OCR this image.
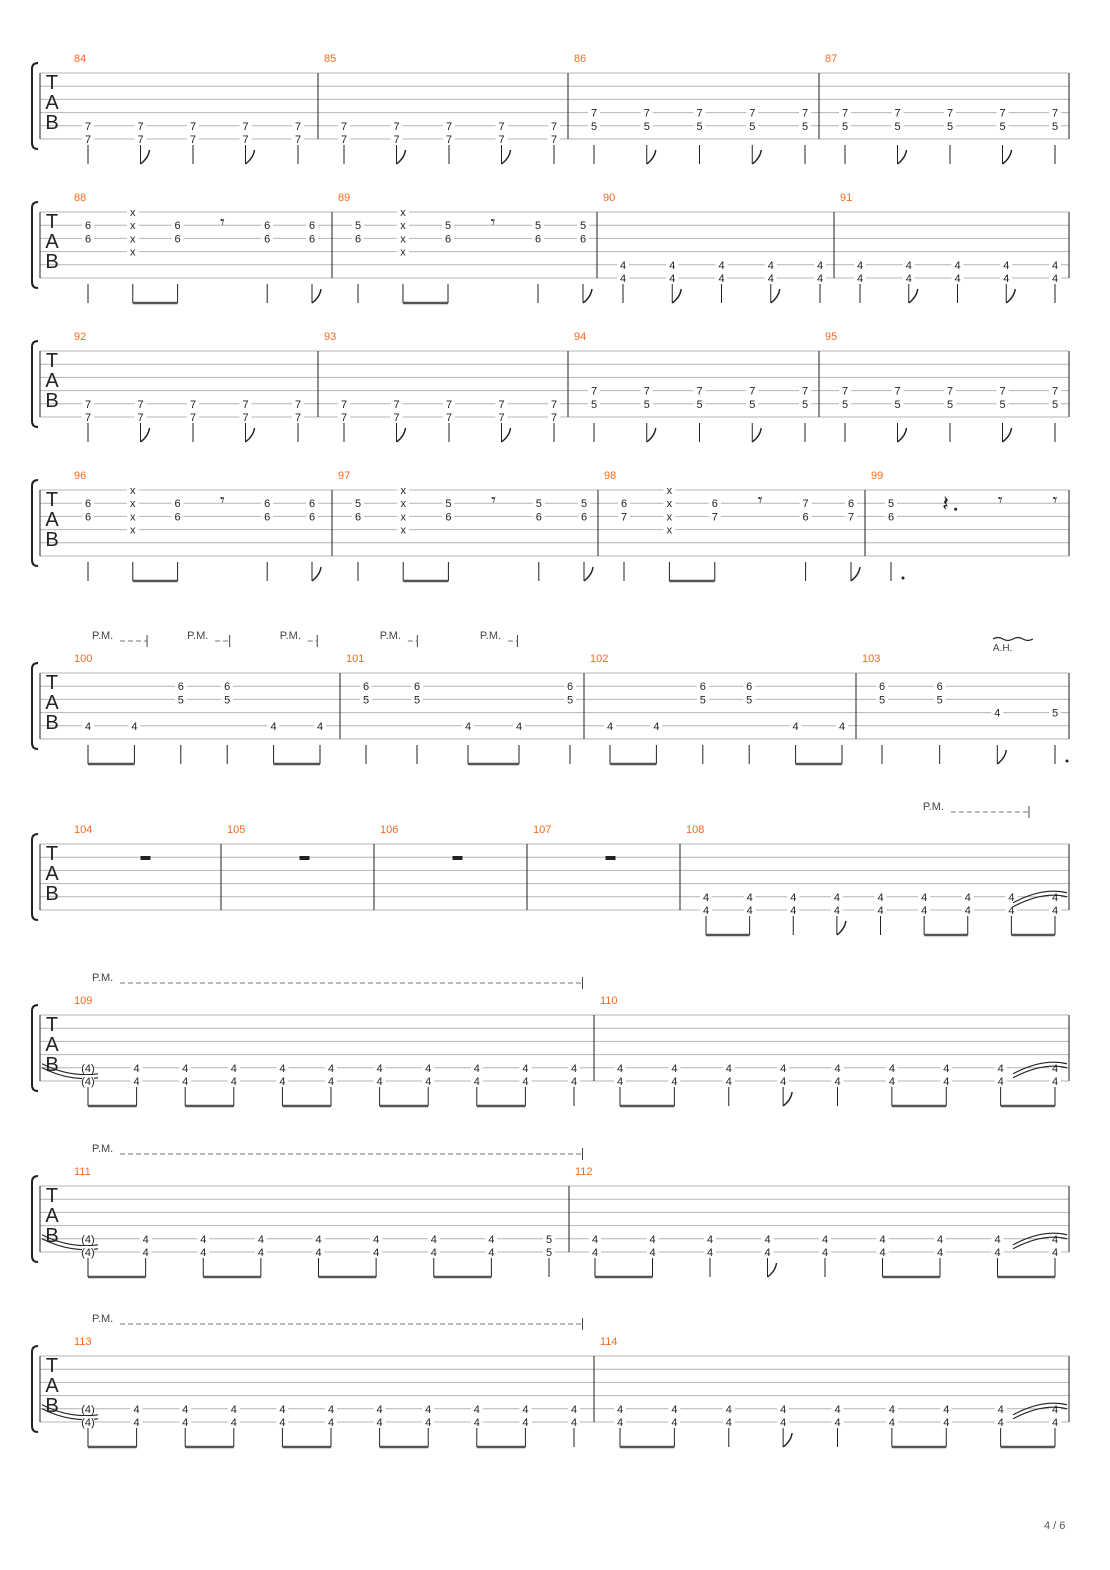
T
A
B
84
7
7
7
7
7
7
7
7
7
7
85
7
7
7
7
7
7
7
7
7
7
86
7
5
7
5
7
5
7
5
7
5
87
7
5
7
5
7
5
7
5
7
5
T
A
B
88
6
6
x
x
x
x
6
6
𝄾	6
6
6
6
89
5
6
x
x
x
x
5
6
𝄾	5
6
5
6
90
4
4
4
4
4
4
4
4
4
4
91
4
4
4
4
4
4
4
4
4
4
T
A
B
92
7
7
7
7
7
7
7
7
7
7
93
7
7
7
7
7
7
7
7
7
7
94
7
5
7
5
7
5
7
5
7
5
95
7
5
7
5
7
5
7
5
7
5
T
A
B
96
6
6
x
x
x
x
6
6
𝄾	6
6
6
6
97
5
6
x
x
x
x
5
6
𝄾	5
6
5
6
98
6
7
x
x
x
x
6
7
𝄾	7
6
6
7
99
5
6
𝄽	𝄾	𝄾
T
A
B
100
4	4
6
5
6
5
4	4
101
6
5
6
5
4	4
6
5
102
4	4
6
5
6
5
4	4
103
6
5
6
5
4	5
P.M.	P.M.	P.M.	P.M.	P.M.
A.H.
T
A
B
104	105	106	107	108
4
4
4
4
4
4
4
4
4
4
4
4
4
4
4
4
4
4
P.M.
T
A
B
109
(4)
(4)
4
4
4
4
4
4
4
4
4
4
4
4
4
4
4
4
4
4
4
4
110
4
4
4
4
4
4
4
4
4
4
4
4
4
4
4
4
4
4
P.M.
T
A
B
111
(4)
(4)
4
4
4
4
4
4
4
4
4
4
4
4
4
4
5
5
112
4
4
4
4
4
4
4
4
4
4
4
4
4
4
4
4
4
4
P.M.
T
A
B
113
(4)
(4)
4
4
4
4
4
4
4
4
4
4
4
4
4
4
4
4
4
4
4
4
114
4
4
4
4
4
4
4
4
4
4
4
4
4
4
4
4
4
4
P.M.
4 / 6
